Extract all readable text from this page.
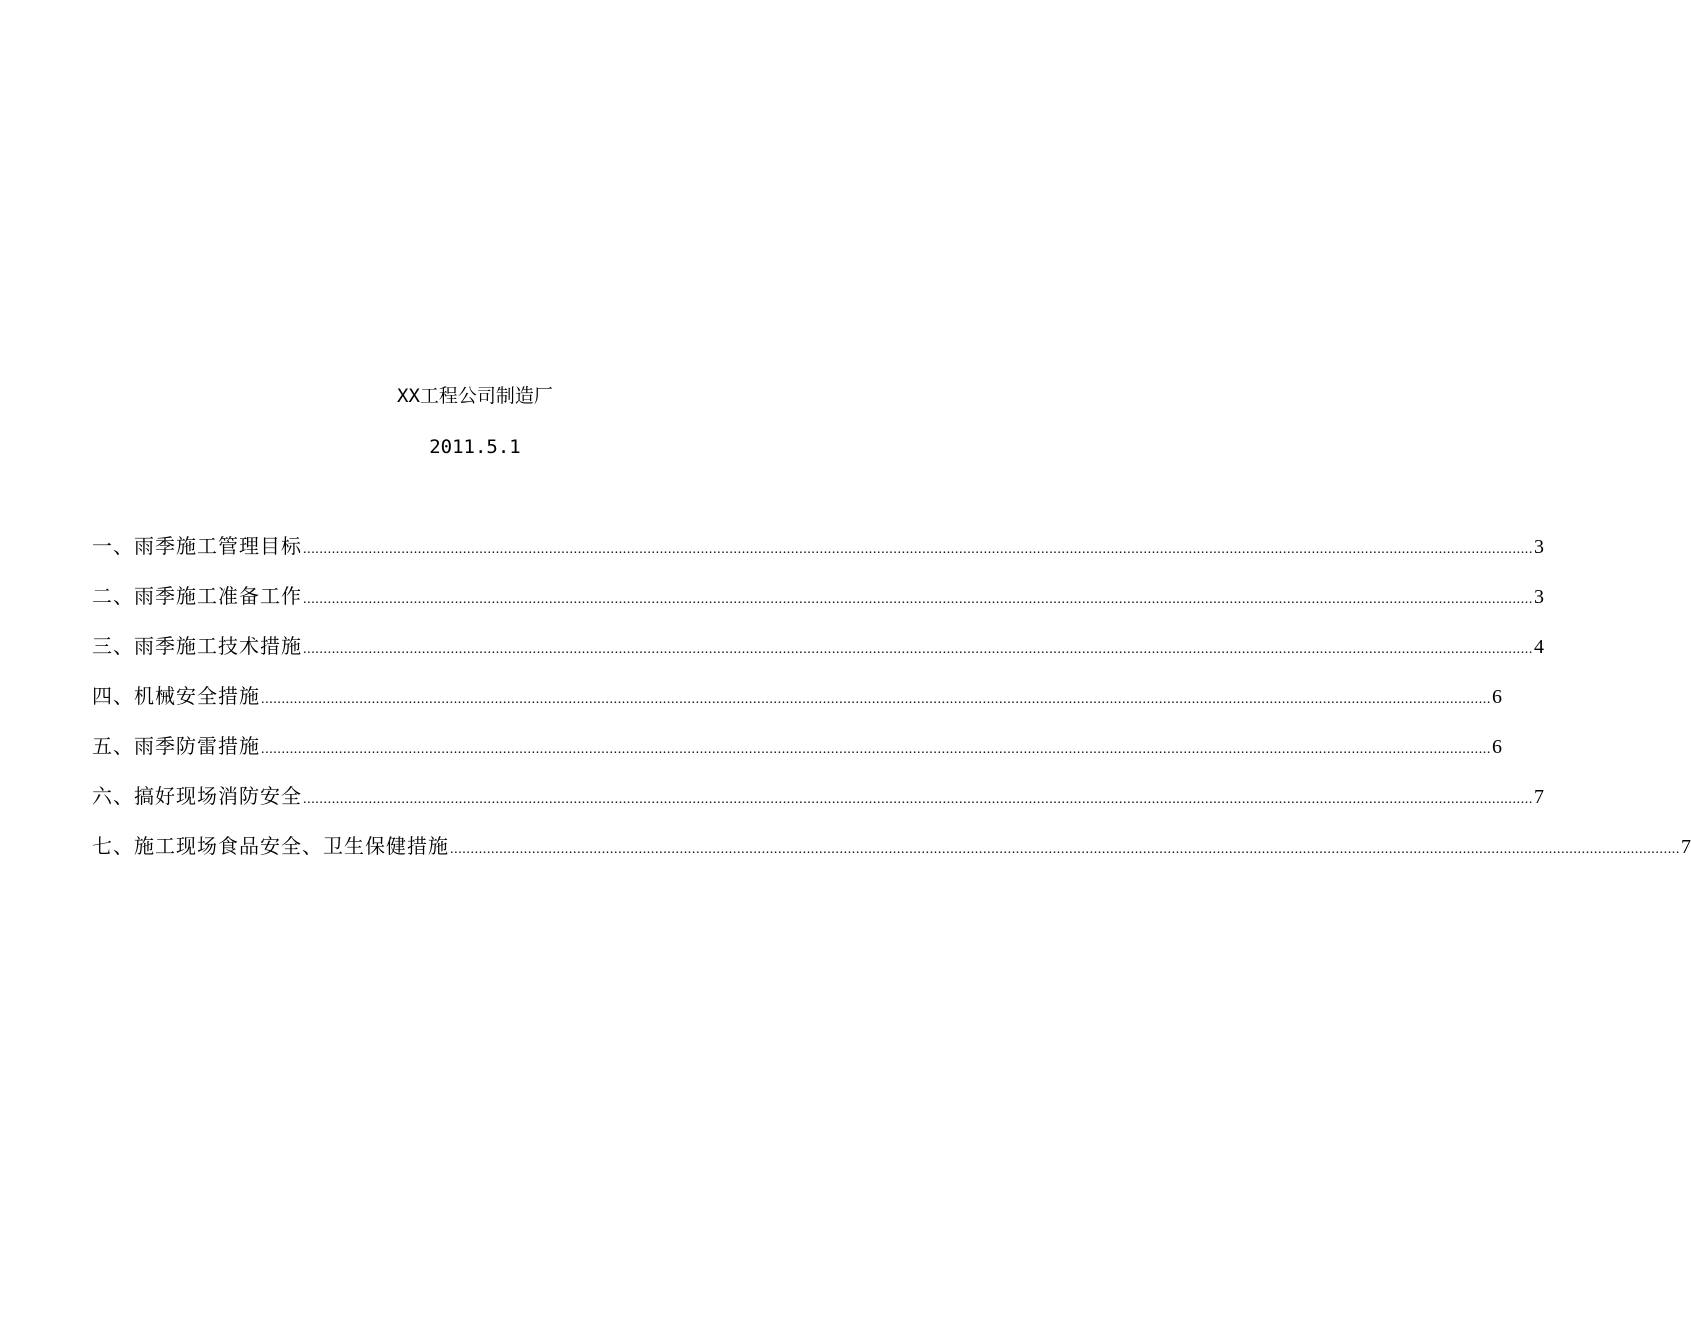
XX工程公司制造厂
2011.5.1
一、雨季施工管理目标 ............................................................................................................................................................................................................................................................................................................ 3
二、雨季施工准备工作 ............................................................................................................................................................................................................................................................................................................ 3
三、雨季施工技术措施 ............................................................................................................................................................................................................................................................................................................ 4
四、机械安全措施 ............................................................................................................................................................................................................................................................................................................ 6
五、雨季防雷措施 ............................................................................................................................................................................................................................................................................................................ 6
六、搞好现场消防安全 ............................................................................................................................................................................................................................................................................................................ 7
七、施工现场食品安全、卫生保健措施 ............................................................................................................................................................................................................................................................................................................ 7
